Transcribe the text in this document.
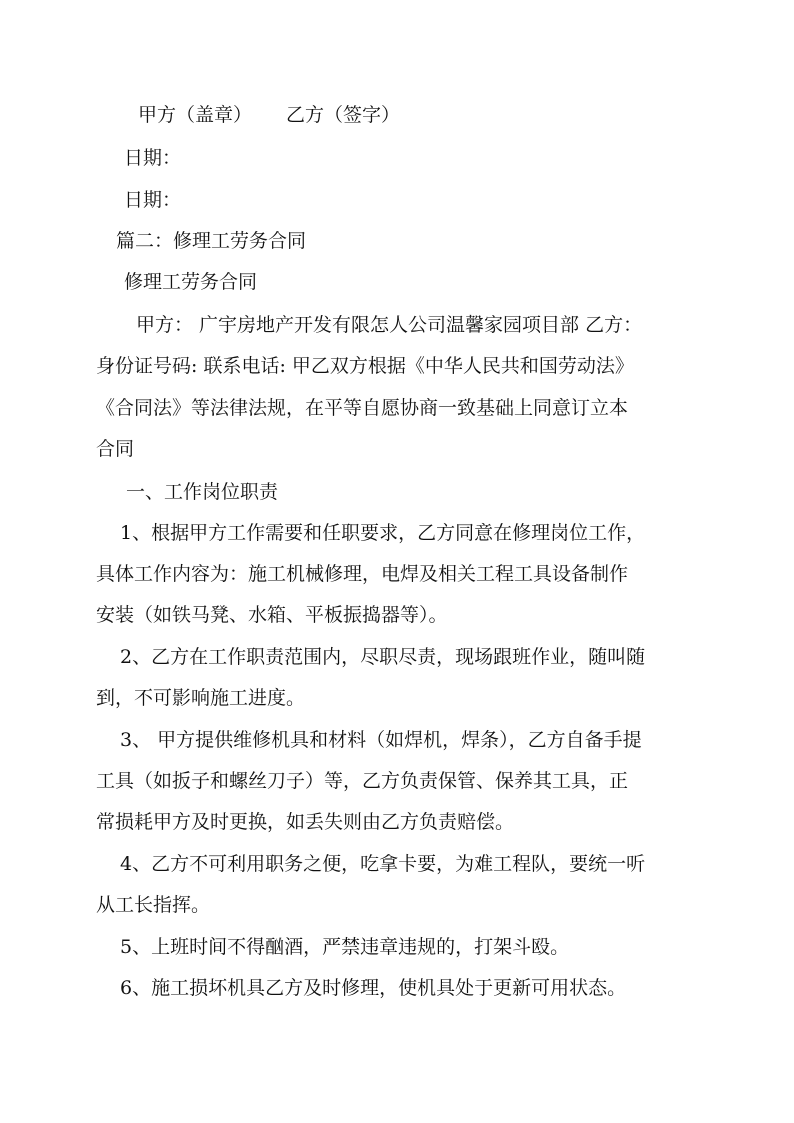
甲方（盖章） 乙方（签字）
日期：
日期：
篇二：修理工劳务合同
修理工劳务合同
甲方： 广宇房地产开发有限怎人公司温馨家园项目部 乙方：
身份证号码: 联系电话: 甲乙双方根据《中华人民共和国劳动法》
《合同法》等法律法规，在平等自愿协商一致基础上同意订立本
合同
一、工作岗位职责
1、根据甲方工作需要和任职要求，乙方同意在修理岗位工作，
具体工作内容为：施工机械修理，电焊及相关工程工具设备制作
安装（如铁马凳、水箱、平板振捣器等）。
2、乙方在工作职责范围内，尽职尽责，现场跟班作业，随叫随
到，不可影响施工进度。
3、 甲方提供维修机具和材料（如焊机，焊条），乙方自备手提
工具（如扳子和螺丝刀子）等，乙方负责保管、保养其工具，正
常损耗甲方及时更换，如丢失则由乙方负责赔偿。
4、乙方不可利用职务之便，吃拿卡要，为难工程队，要统一听
从工长指挥。
5、上班时间不得酗酒，严禁违章违规的，打架斗殴。
6、施工损坏机具乙方及时修理，使机具处于更新可用状态。
